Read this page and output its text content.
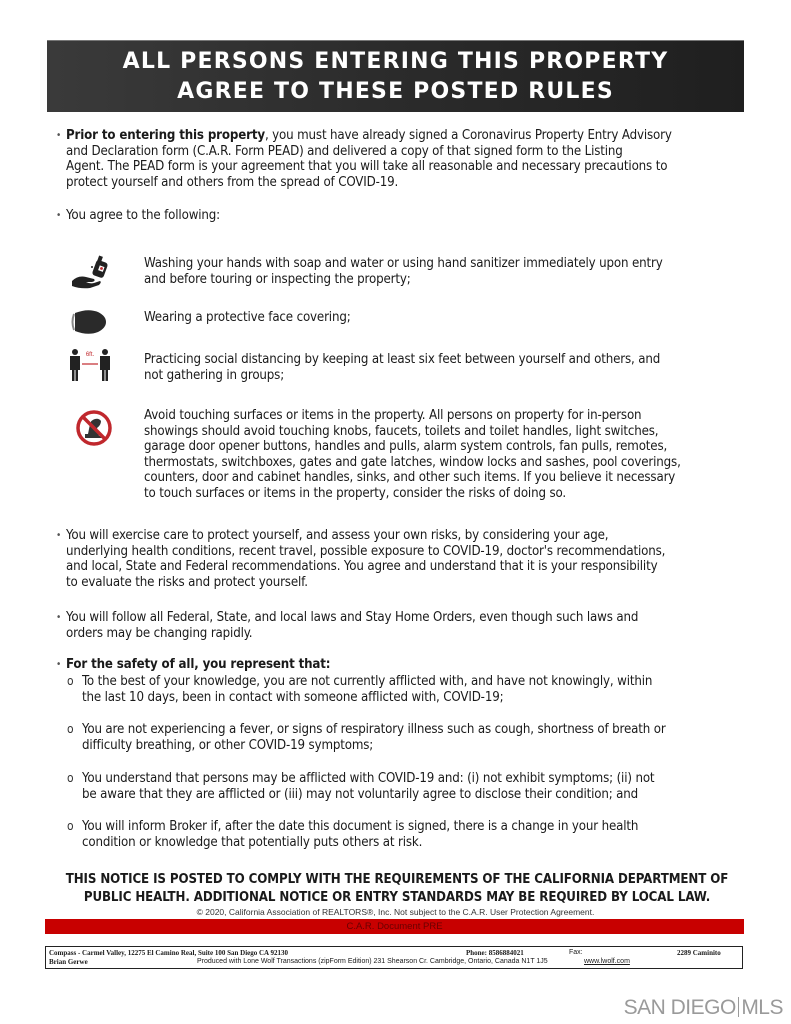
ALL PERSONS ENTERING THIS PROPERTY
AGREE TO THESE POSTED RULES
• Prior to entering this property, you must have already signed a Coronavirus Property Entry Advisory
and Declaration form (C.A.R. Form PEAD) and delivered a copy of that signed form to the Listing
Agent. The PEAD form is your agreement that you will take all reasonable and necessary precautions to
protect yourself and others from the spread of COVID-19.
• You agree to the following:
Washing your hands with soap and water or using hand sanitizer immediately upon entry
and before touring or inspecting the property;
Wearing a protective face covering;
6ft.	Practicing social distancing by keeping at least six feet between yourself and others, and
not gathering in groups;
Avoid touching surfaces or items in the property. All persons on property for in-person
showings should avoid touching knobs, faucets, toilets and toilet handles, light switches,
garage door opener buttons, handles and pulls, alarm system controls, fan pulls, remotes,
thermostats, switchboxes, gates and gate latches, window locks and sashes, pool coverings,
counters, door and cabinet handles, sinks, and other such items. If you believe it necessary
to touch surfaces or items in the property, consider the risks of doing so.
• You will exercise care to protect yourself, and assess your own risks, by considering your age,
underlying health conditions, recent travel, possible exposure to COVID-19, doctor's recommendations,
and local, State and Federal recommendations. You agree and understand that it is your responsibility
to evaluate the risks and protect yourself.
• You will follow all Federal, State, and local laws and Stay Home Orders, even though such laws and
orders may be changing rapidly.
• For the safety of all, you represent that:
o To the best of your knowledge, you are not currently afflicted with, and have not knowingly, within
the last 10 days, been in contact with someone afflicted with, COVID-19;
o You are not experiencing a fever, or signs of respiratory illness such as cough, shortness of breath or
difficulty breathing, or other COVID-19 symptoms;
o You understand that persons may be afflicted with COVID-19 and: (i) not exhibit symptoms; (ii) not
be aware that they are afflicted or (iii) may not voluntarily agree to disclose their condition; and
o You will inform Broker if, after the date this document is signed, there is a change in your health
condition or knowledge that potentially puts others at risk.
THIS NOTICE IS POSTED TO COMPLY WITH THE REQUIREMENTS OF THE CALIFORNIA DEPARTMENT OF
PUBLIC HEALTH. ADDITIONAL NOTICE OR ENTRY STANDARDS MAY BE REQUIRED BY LOCAL LAW.
© 2020, California Association of REALTORS®, Inc. Not subject to the C.A.R. User Protection Agreement.
C.A.R. Document PRE
Compass - Carmel Valley, 12275 El Camino Real, Suite 100 San Diego CA 92130	Phone: 8586884021	Fax:	2289 Caminito
Brian Gerwe	Produced with Lone Wolf Transactions (zipForm Edition) 231 Shearson Cr. Cambridge, Ontario, Canada N1T 1J5	www.lwolf.com
SAN DIEGO MLS
